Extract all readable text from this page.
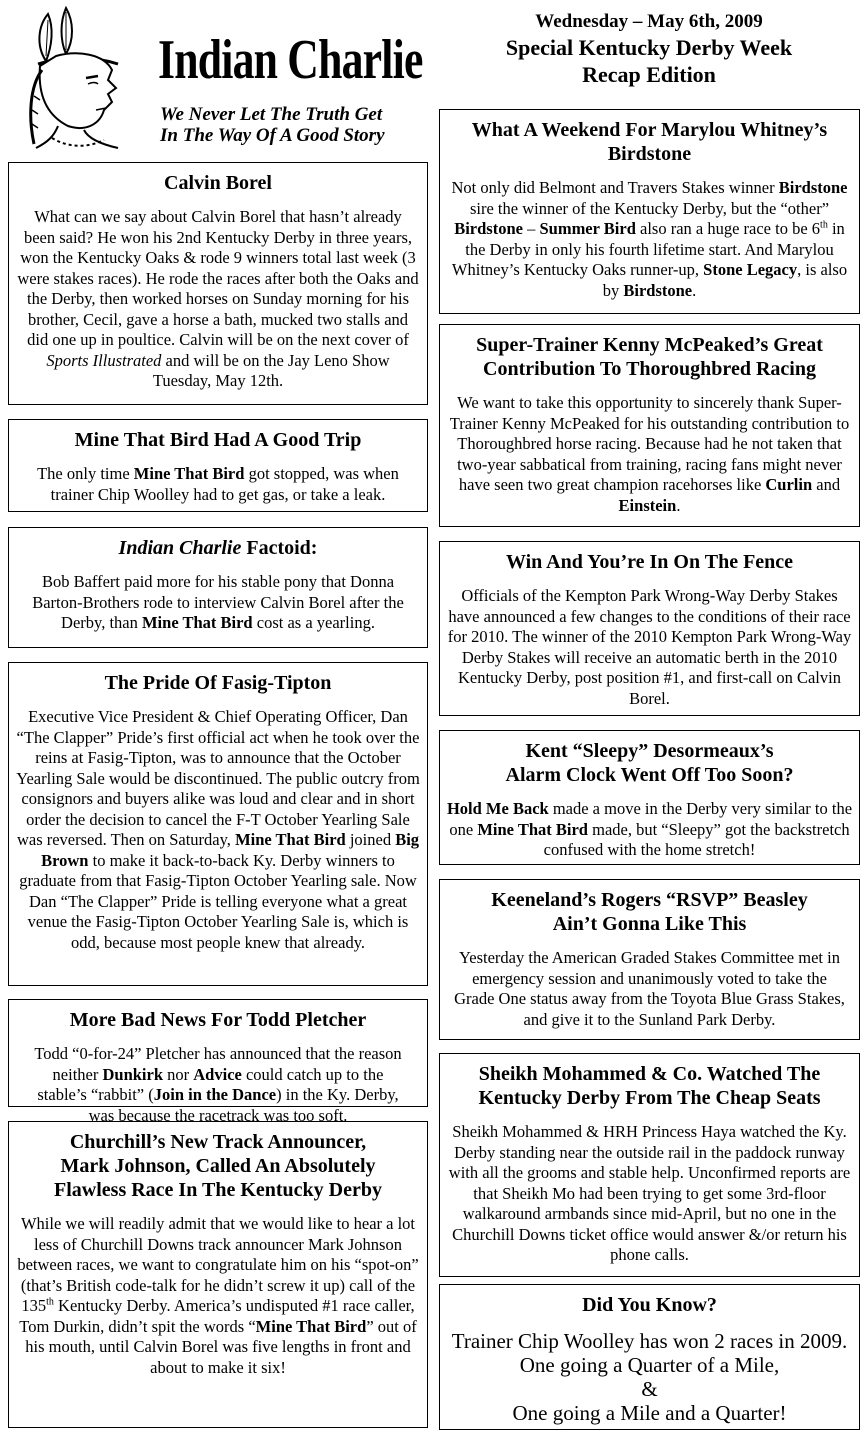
Indian Charlie
We Never Let The Truth Get
In The Way Of A Good Story
Wednesday – May 6th, 2009
Special Kentucky Derby Week
Recap Edition
Calvin Borel

What can we say about Calvin Borel that hasn’t already been said? He won his 2nd Kentucky Derby in three years, won the Kentucky Oaks & rode 9 winners total last week (3 were stakes races). He rode the races after both the Oaks and the Derby, then worked horses on Sunday morning for his brother, Cecil, gave a horse a bath, mucked two stalls and did one up in poultice. Calvin will be on the next cover of Sports Illustrated and will be on the Jay Leno Show Tuesday, May 12th.

Mine That Bird Had A Good Trip

The only time Mine That Bird got stopped, was when trainer Chip Woolley had to get gas, or take a leak.

Indian Charlie Factoid:

Bob Baffert paid more for his stable pony that Donna Barton-Brothers rode to interview Calvin Borel after the Derby, than Mine That Bird cost as a yearling.

The Pride Of Fasig-Tipton

Executive Vice President & Chief Operating Officer, Dan “The Clapper” Pride’s first official act when he took over the reins at Fasig-Tipton, was to announce that the October Yearling Sale would be discontinued. The public outcry from consignors and buyers alike was loud and clear and in short order the decision to cancel the F-T October Yearling Sale was reversed. Then on Saturday, Mine That Bird joined Big Brown to make it back-to-back Ky. Derby winners to graduate from that Fasig-Tipton October Yearling sale. Now Dan “The Clapper” Pride is telling everyone what a great venue the Fasig-Tipton October Yearling Sale is, which is odd, because most people knew that already.

More Bad News For Todd Pletcher

Todd “0-for-24” Pletcher has announced that the reason neither Dunkirk nor Advice could catch up to the stable’s “rabbit” (Join in the Dance) in the Ky. Derby, was because the racetrack was too soft.

Churchill’s New Track Announcer,
Mark Johnson, Called An Absolutely
Flawless Race In The Kentucky Derby

While we will readily admit that we would like to hear a lot less of Churchill Downs track announcer Mark Johnson between races, we want to congratulate him on his “spot-on” (that’s British code-talk for he didn’t screw it up) call of the 135th Kentucky Derby. America’s undisputed #1 race caller, Tom Durkin, didn’t spit the words “Mine That Bird” out of his mouth, until Calvin Borel was five lengths in front and about to make it six!

What A Weekend For Marylou Whitney’s
Birdstone

Not only did Belmont and Travers Stakes winner Birdstone sire the winner of the Kentucky Derby, but the “other” Birdstone – Summer Bird also ran a huge race to be 6th in the Derby in only his fourth lifetime start. And Marylou Whitney’s Kentucky Oaks runner-up, Stone Legacy, is also by Birdstone.

Super-Trainer Kenny McPeaked’s Great
Contribution To Thoroughbred Racing

We want to take this opportunity to sincerely thank Super-Trainer Kenny McPeaked for his outstanding contribution to Thoroughbred horse racing. Because had he not taken that two-year sabbatical from training, racing fans might never have seen two great champion racehorses like Curlin and Einstein.

Win And You’re In On The Fence

Officials of the Kempton Park Wrong-Way Derby Stakes have announced a few changes to the conditions of their race for 2010. The winner of the 2010 Kempton Park Wrong-Way Derby Stakes will receive an automatic berth in the 2010 Kentucky Derby, post position #1, and first-call on Calvin Borel.

Kent “Sleepy” Desormeaux’s
Alarm Clock Went Off Too Soon?

Hold Me Back made a move in the Derby very similar to the one Mine That Bird made, but “Sleepy” got the backstretch confused with the home stretch!

Keeneland’s Rogers “RSVP” Beasley
Ain’t Gonna Like This

Yesterday the American Graded Stakes Committee met in emergency session and unanimously voted to take the Grade One status away from the Toyota Blue Grass Stakes, and give it to the Sunland Park Derby.

Sheikh Mohammed & Co. Watched The
Kentucky Derby From The Cheap Seats

Sheikh Mohammed & HRH Princess Haya watched the Ky. Derby standing near the outside rail in the paddock runway with all the grooms and stable help. Unconfirmed reports are that Sheikh Mo had been trying to get some 3rd-floor walkaround armbands since mid-April, but no one in the Churchill Downs ticket office would answer &/or return his phone calls.

Did You Know?

Trainer Chip Woolley has won 2 races in 2009.

One going a Quarter of a Mile,

&

One going a Mile and a Quarter!
